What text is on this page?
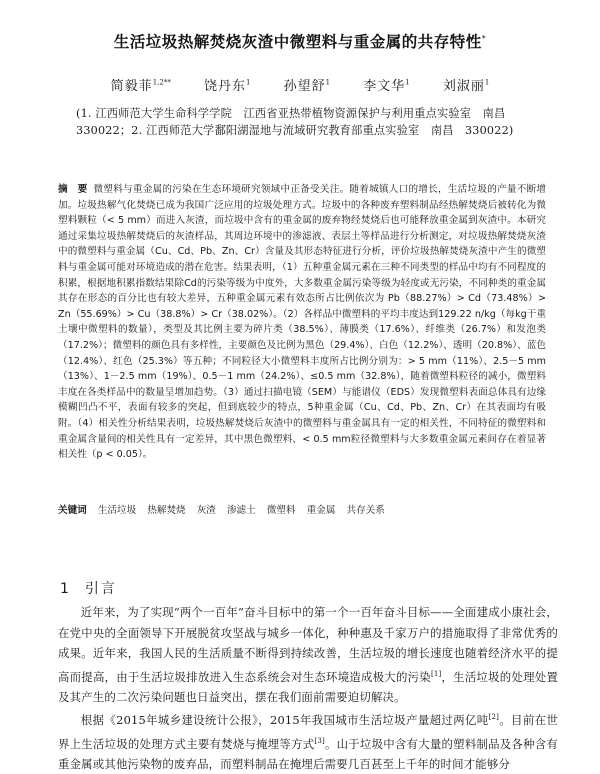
生活垃圾热解焚烧灰渣中微塑料与重金属的共存特性*
简毅菲$^{1,2**}$	饶丹东$^1$	孙望舒$^1$	李文华$^1$	刘淑丽$^1$
(1. 江西师范大学生命科学学院　江西省亚热带植物资源保护与利用重点实验室　南昌　330022；2. 江西师范大学鄱阳湖湿地与流域研究教育部重点实验室　南昌　330022)
摘　要 微塑料与重金属的污染在生态环境研究领域中正备受关注。随着城镇人口的增长，生活垃圾的产量不断增加。垃圾热解气化焚烧已成为我国广泛应用的垃圾处理方式。垃圾中的各种废弃塑料制品经热解焚烧后被转化为微塑料颗粒（< 5 mm）而进入灰渣，而垃圾中含有的重金属的废弃物经焚烧后也可能释放重金属到灰渣中。本研究通过采集垃圾热解焚烧后的灰渣样品，其周边环境中的渗滤液、表层土等样品进行分析测定，对垃圾热解焚烧灰渣中的微塑料与重金属（Cu、Cd、Pb、Zn、Cr）含量及其形态特征进行分析，评价垃圾热解焚烧灰渣中产生的微塑料与重金属可能对环境造成的潜在危害。结果表明，（1）五种重金属元素在三种不同类型的样品中均有不同程度的积累，根据地积累指数结果除Cd的污染等级为中度外，大多数重金属污染等级为轻度或无污染，不同种类的重金属其存在形态的百分比也有较大差异，五种重金属元素有效态所占比例依次为 Pb（88.27%）> Cd（73.48%）> Zn（55.69%）> Cu（38.8%）> Cr（38.02%）。（2）各样品中微塑料的平均丰度达到129.22 n/kg（每kg干重土壤中微塑料的数量），类型及其比例主要为碎片类（38.5%）、薄膜类（17.6%）、纤维类（26.7%）和发泡类（17.2%）；微塑料的颜色具有多样性，主要颜色及比例为黑色（29.4%）、白色（12.2%）、透明（20.8%）、蓝色（12.4%）、红色（25.3%）等五种；不同粒径大小微塑料丰度所占比例分别为：> 5 mm（11%）、2.5－5 mm（13%）、1－2.5 mm（19%）、0.5－1 mm（24.2%）、≤0.5 mm（32.8%），随着微塑料粒径的减小，微塑料丰度在各类样品中的数量呈增加趋势。（3）通过扫描电镜（SEM）与能谱仪（EDS）发现微塑料表面总体具有边缘模糊凹凸不平，表面有较多的突起，但到底较少的特点，5种重金属（Cu、Cd、Pb、Zn、Cr）在其表面均有吸附。（4）相关性分析结果表明，垃圾热解焚烧后灰渣中的微塑料与重金属具有一定的相关性，不同特征的微塑料和重金属含量间的相关性具有一定差异，其中黑色微塑料、< 0.5 mm粒径微塑料与大多数重金属元素间存在着显著相关性（p < 0.05）。
关键词 生活垃圾 热解焚烧 灰渣 渗滤土 微塑料 重金属 共存关系
1 引言

近年来，为了实现“两个一百年”奋斗目标中的第一个一百年奋斗目标——全面建成小康社会，在党中央的全面领导下开展脱贫攻坚战与城乡一体化，种种惠及千家万户的措施取得了非常优秀的成果。近年来，我国人民的生活质量不断得到持续改善，生活垃圾的增长速度也随着经济水平的提高而提高，由于生活垃圾排放进入生态系统会对生态环境造成极大的污染[1]，生活垃圾的处理处置及其产生的二次污染问题也日益突出，摆在我们面前需要迫切解决。

根据《2015年城乡建设统计公报》，2015年我国城市生活垃圾产量超过两亿吨[2]。目前在世界上生活垃圾的处理方式主要有焚烧与掩埋等方式[3]。山于垃圾中含有大量的塑料制品及各种含有重金属或其他污染物的废弃品，而塑料制品在掩埋后需要几百甚至上千年的时间才能够分
